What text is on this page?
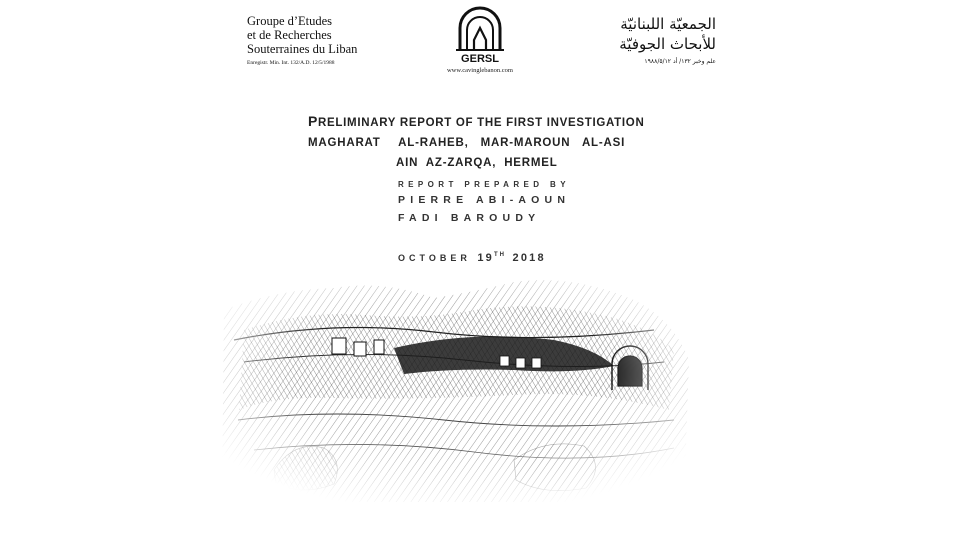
Groupe d’Etudes
et de Recherches
Souterraines du Liban
Enregistr. Min. Int. 132/A.D. 12/5/1988	GERSL
www.cavinglebanon.com
الجمعيّة اللبنانيّة
للأبحاث الجوفيّة
علم وخبر ١٣٢/ أد ١٩٨٨/٥/١٢
PRELIMINARY REPORT OF THE FIRST INVESTIGATION
MAGHARAT   AL-RAHEB,  MAR-MAROUN  AL-ASI
AIN  AZ-ZARQA,  HERMEL
REPORT PREPARED BY
PIERRE ABI-AOUN
FADI BAROUDY
OCTOBER 19TH 2018
